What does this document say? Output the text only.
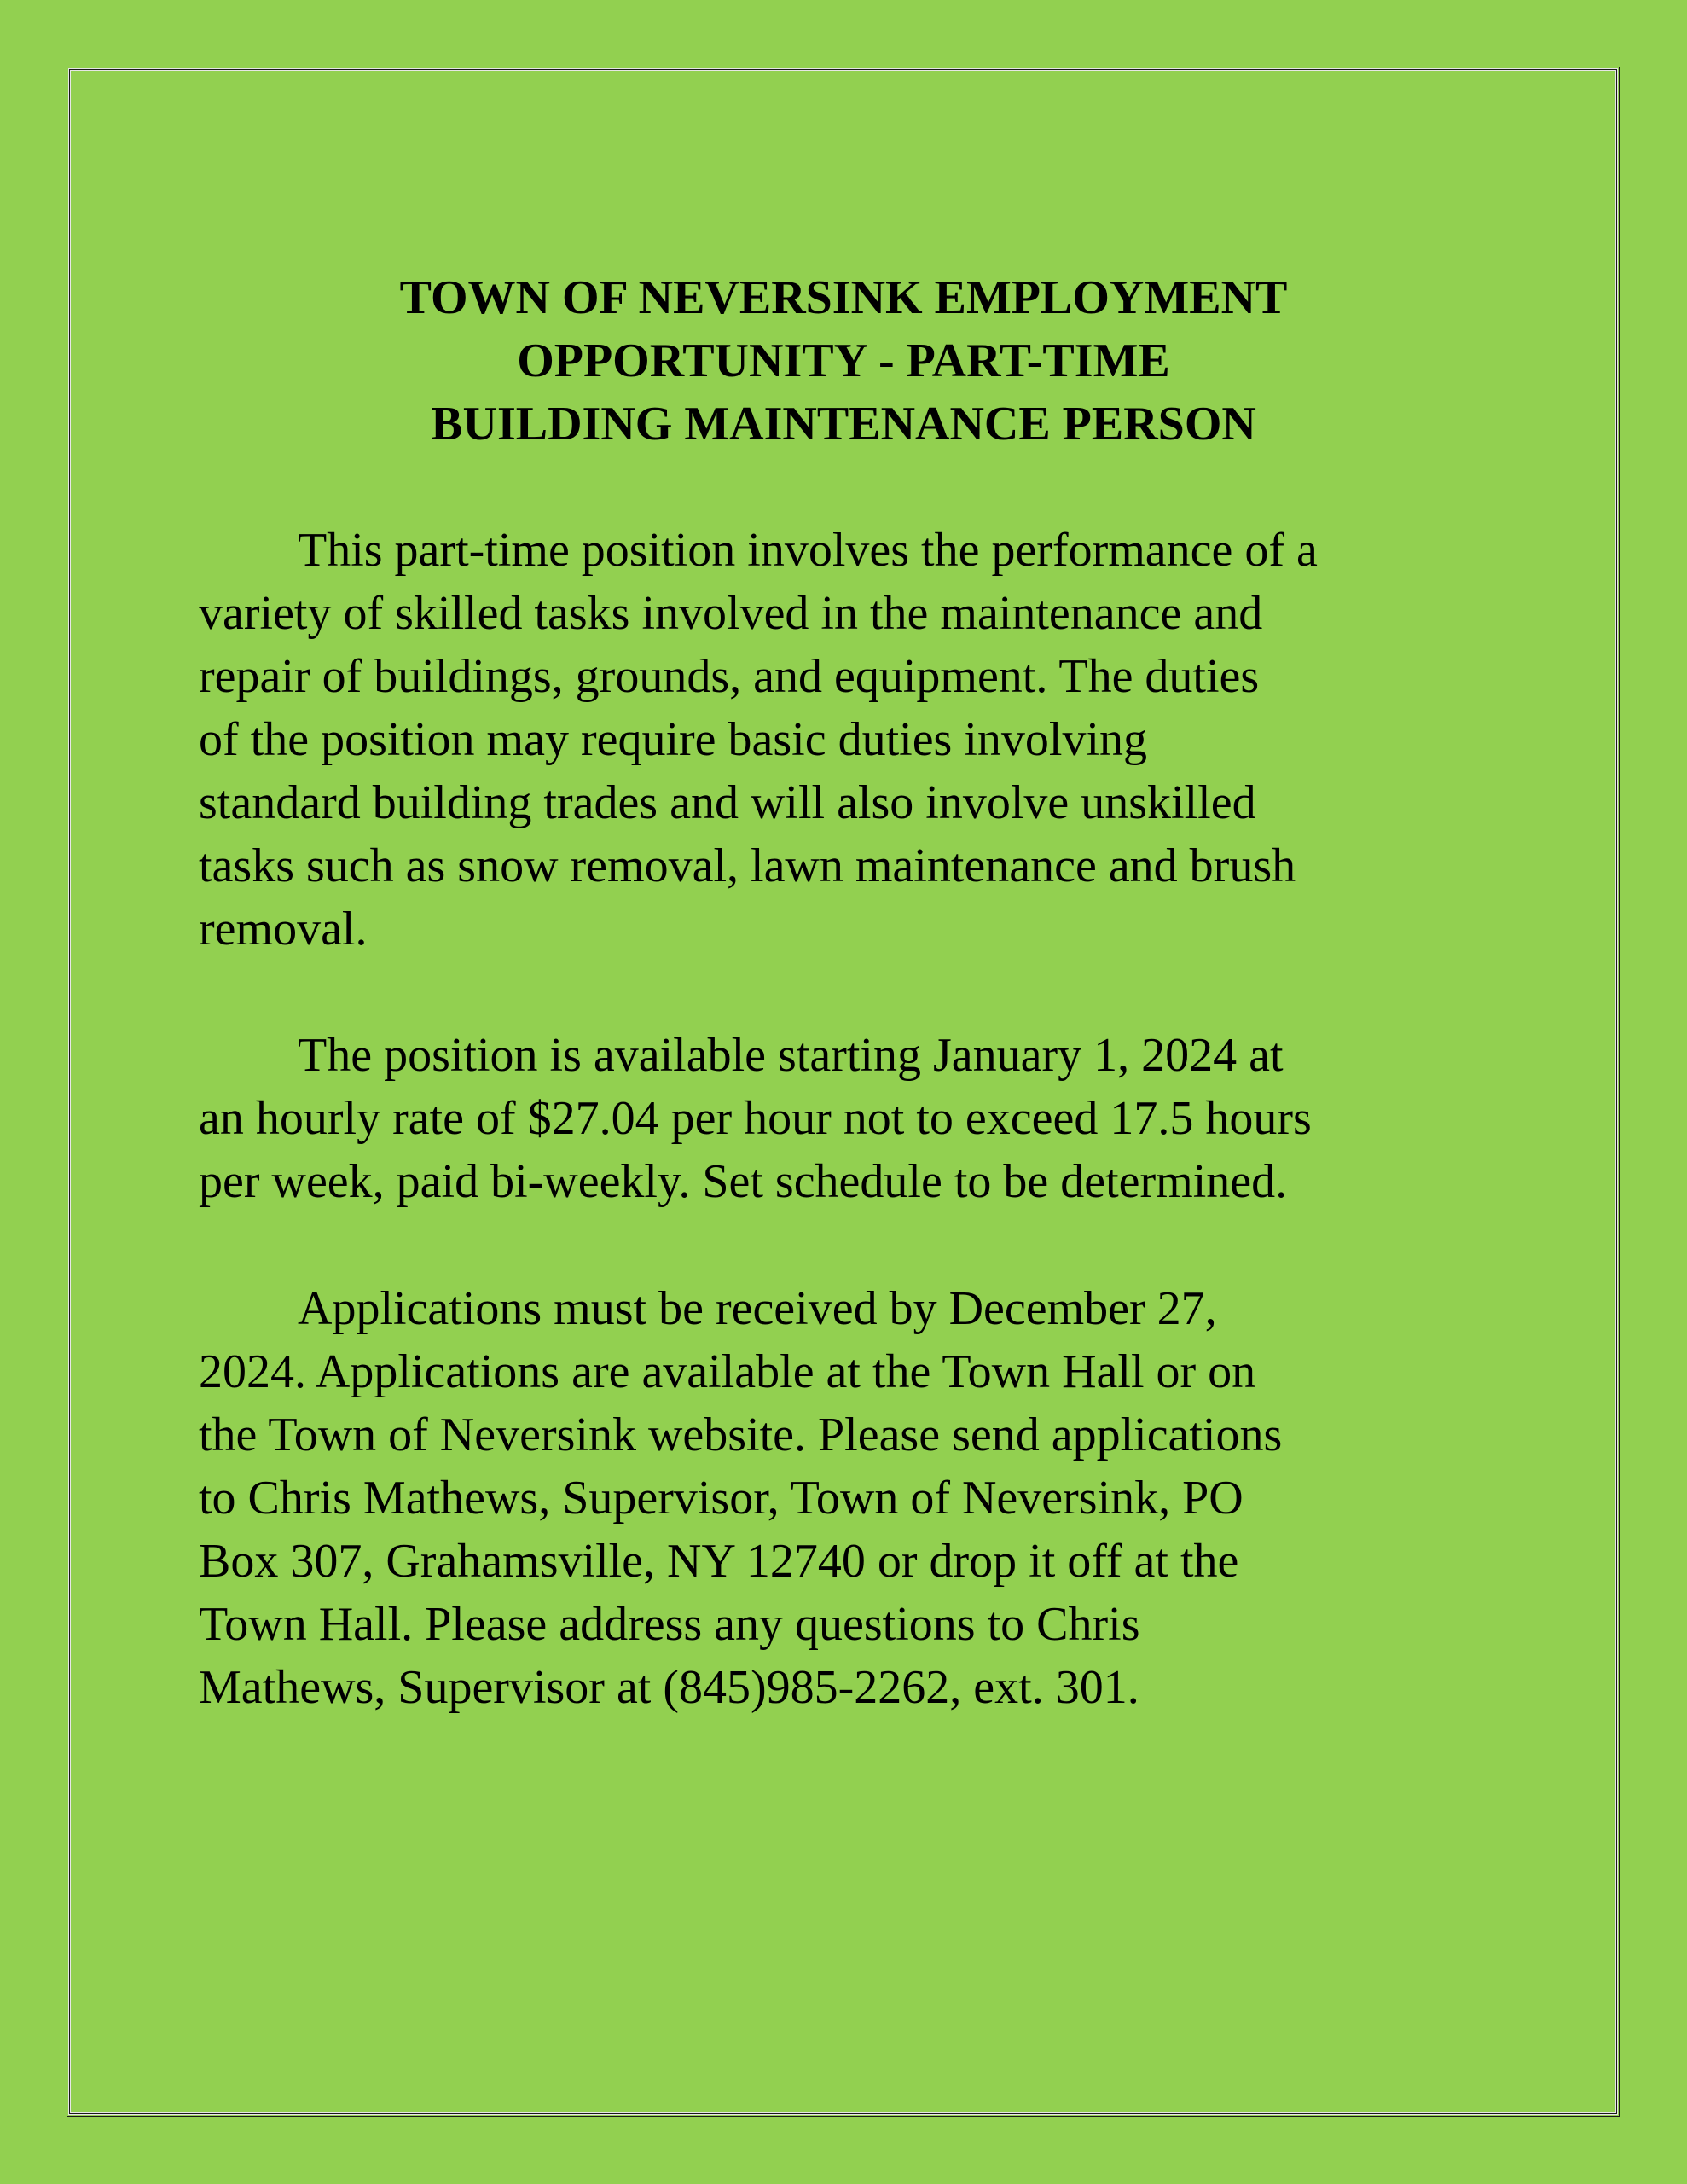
TOWN OF NEVERSINK EMPLOYMENT
OPPORTUNITY - PART-TIME
BUILDING MAINTENANCE PERSON
This part-time position involves the performance of a
variety of skilled tasks involved in the maintenance and
repair of buildings, grounds, and equipment. The duties
of the position may require basic duties involving
standard building trades and will also involve unskilled
tasks such as snow removal, lawn maintenance and brush
removal.
The position is available starting January 1, 2024 at
an hourly rate of $27.04 per hour not to exceed 17.5 hours
per week, paid bi-weekly. Set schedule to be determined.
Applications must be received by December 27,
2024. Applications are available at the Town Hall or on
the Town of Neversink website. Please send applications
to Chris Mathews, Supervisor, Town of Neversink, PO
Box 307, Grahamsville, NY 12740 or drop it off at the
Town Hall. Please address any questions to Chris
Mathews, Supervisor at (845)985-2262, ext. 301.
